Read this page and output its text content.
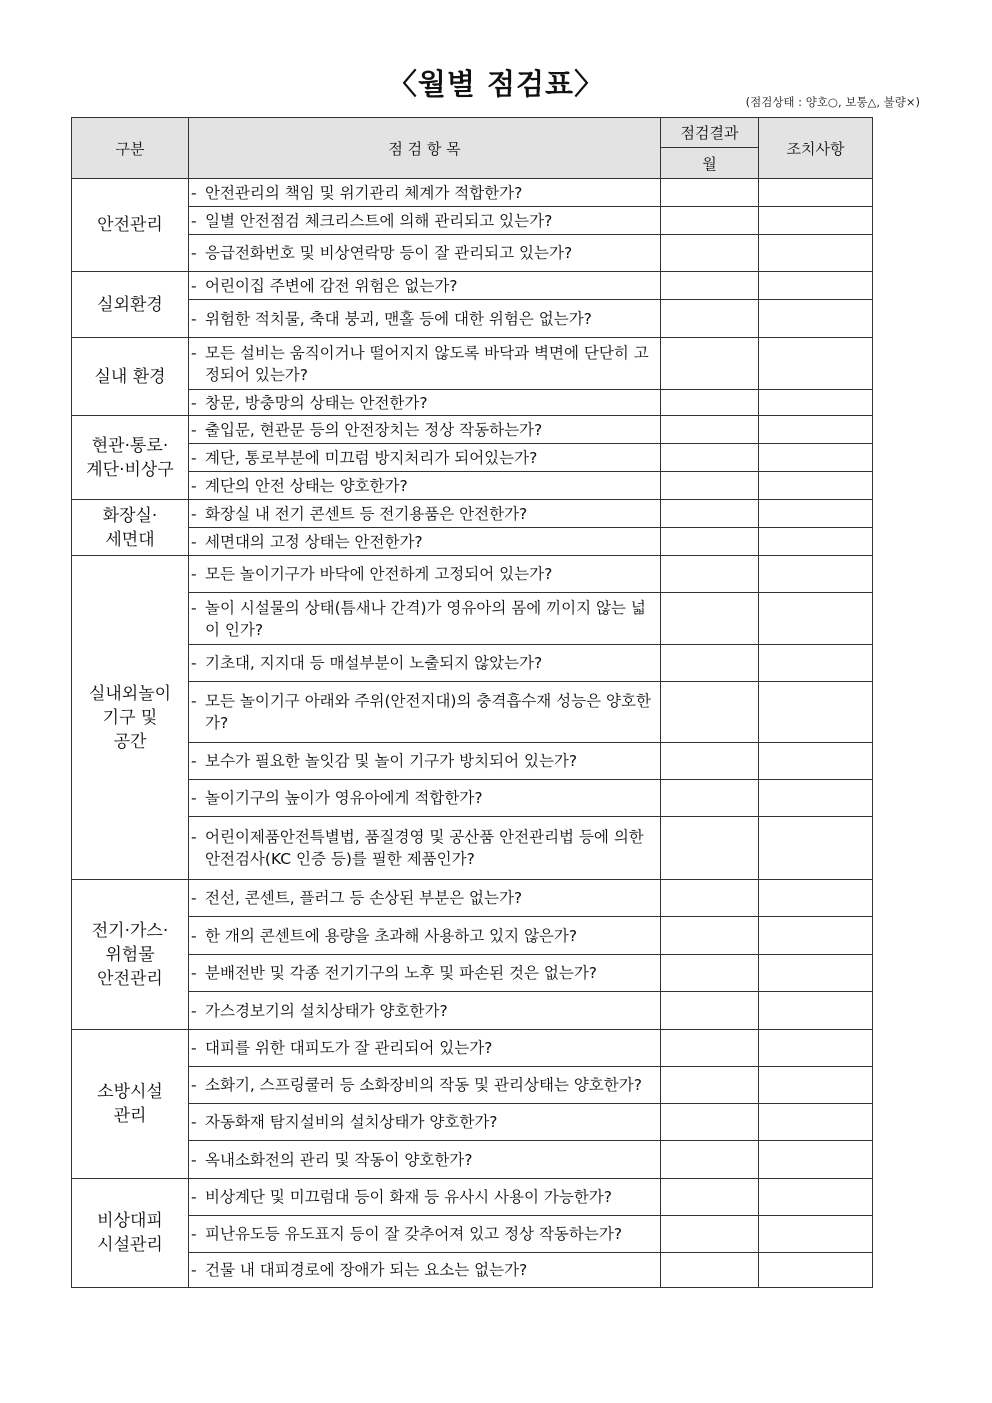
〈월별 점검표〉
(점검상태 : 양호○, 보통△, 불량×)
구분	점 검 항 목	점검결과	조치사항
		월	
안전관리	- 안전관리의 책임 및 위기관리 체계가 적합한가?		
	- 일별 안전점검 체크리스트에 의해 관리되고 있는가?		
	- 응급전화번호 및 비상연락망 등이 잘 관리되고 있는가?		
실외환경	- 어린이집 주변에 감전 위험은 없는가?		
	- 위험한 적치물, 축대 붕괴, 맨홀 등에 대한 위험은 없는가?		
실내 환경	- 모든 설비는 움직이거나 떨어지지 않도록 바닥과 벽면에 단단히 고정되어 있는가?		
	- 창문, 방충망의 상태는 안전한가?		
현관·통로·
계단·비상구	- 출입문, 현관문 등의 안전장치는 정상 작동하는가?		
	- 계단, 통로부분에 미끄럼 방지처리가 되어있는가?		
	- 계단의 안전 상태는 양호한가?		
화장실·
세면대	- 화장실 내 전기 콘센트 등 전기용품은 안전한가?		
	- 세면대의 고정 상태는 안전한가?		
실내외놀이
기구 및
공간	- 모든 놀이기구가 바닥에 안전하게 고정되어 있는가?		
	- 놀이 시설물의 상태(틈새나 간격)가 영유아의 몸에 끼이지 않는 넓이 인가?		
	- 기초대, 지지대 등 매설부분이 노출되지 않았는가?		
	- 모든 놀이기구 아래와 주위(안전지대)의 충격흡수재 성능은 양호한가?		
	- 보수가 필요한 놀잇감 및 놀이 기구가 방치되어 있는가?		
	- 놀이기구의 높이가 영유아에게 적합한가?		
	- 어린이제품안전특별법, 품질경영 및 공산품 안전관리법 등에 의한 안전검사(KC 인증 등)를 필한 제품인가?		
전기·가스·
위험물
안전관리	- 전선, 콘센트, 플러그 등 손상된 부분은 없는가?		
	- 한 개의 콘센트에 용량을 초과해 사용하고 있지 않은가?		
	- 분배전반 및 각종 전기기구의 노후 및 파손된 것은 없는가?		
	- 가스경보기의 설치상태가 양호한가?		
소방시설
관리	- 대피를 위한 대피도가 잘 관리되어 있는가?		
	- 소화기, 스프링쿨러 등 소화장비의 작동 및 관리상태는 양호한가?		
	- 자동화재 탐지설비의 설치상태가 양호한가?		
	- 옥내소화전의 관리 및 작동이 양호한가?		
비상대피
시설관리	- 비상계단 및 미끄럼대 등이 화재 등 유사시 사용이 가능한가?		
	- 피난유도등 유도표지 등이 잘 갖추어져 있고 정상 작동하는가?		
	- 건물 내 대피경로에 장애가 되는 요소는 없는가?		
